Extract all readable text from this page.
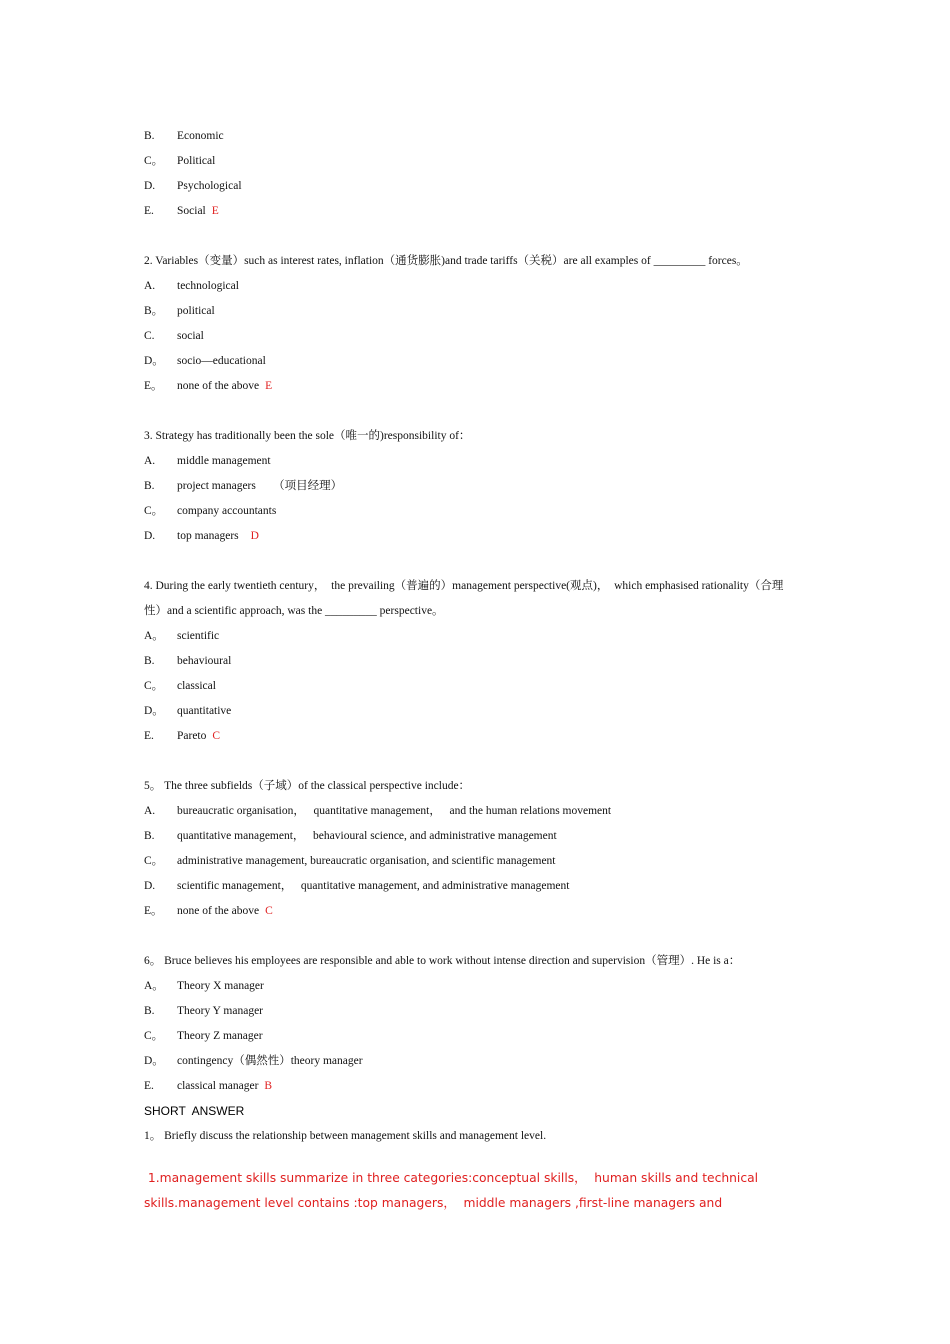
B. Economic
C。 Political
D. Psychological
E. Social E
2. Variables（变量）such as interest rates, inflation（通货膨胀)and trade tariffs（关税）are all examples of _________ forces。
A. technological
B。 political
C. social
D。 socio—educational
E。 none of the above E
3. Strategy has traditionally been the sole（唯一的)responsibility of：
A. middle management
B. project managers      （项目经理）
C。 company accountants
D. top managers D
4. During the early twentieth century，  the prevailing（普遍的）management perspective(观点)，  which emphasised rationality（合理
性）and a scientific approach, was the _________ perspective。
A。 scientific
B. behavioural
C。 classical
D。 quantitative
E. Pareto C
5。 The three subfields（子域）of the classical perspective include：
A. bureaucratic organisation，   quantitative management，   and the human relations movement
B. quantitative management，   behavioural science, and administrative management
C。 administrative management, bureaucratic organisation, and scientific management
D. scientific management，   quantitative management, and administrative management
E。 none of the above C
6。 Bruce believes his employees are responsible and able to work without intense direction and supervision（管理）. He is a：
A。 Theory X manager
B. Theory Y manager
C。 Theory Z manager
D。 contingency（偶然性）theory manager
E. classical manager B
SHORT  ANSWER
1。 Briefly discuss the relationship between management skills and management level.
1.management skills summarize in three categories:conceptual skills，  human skills and technical
skills.management level contains :top managers，  middle managers ,first-line managers and
